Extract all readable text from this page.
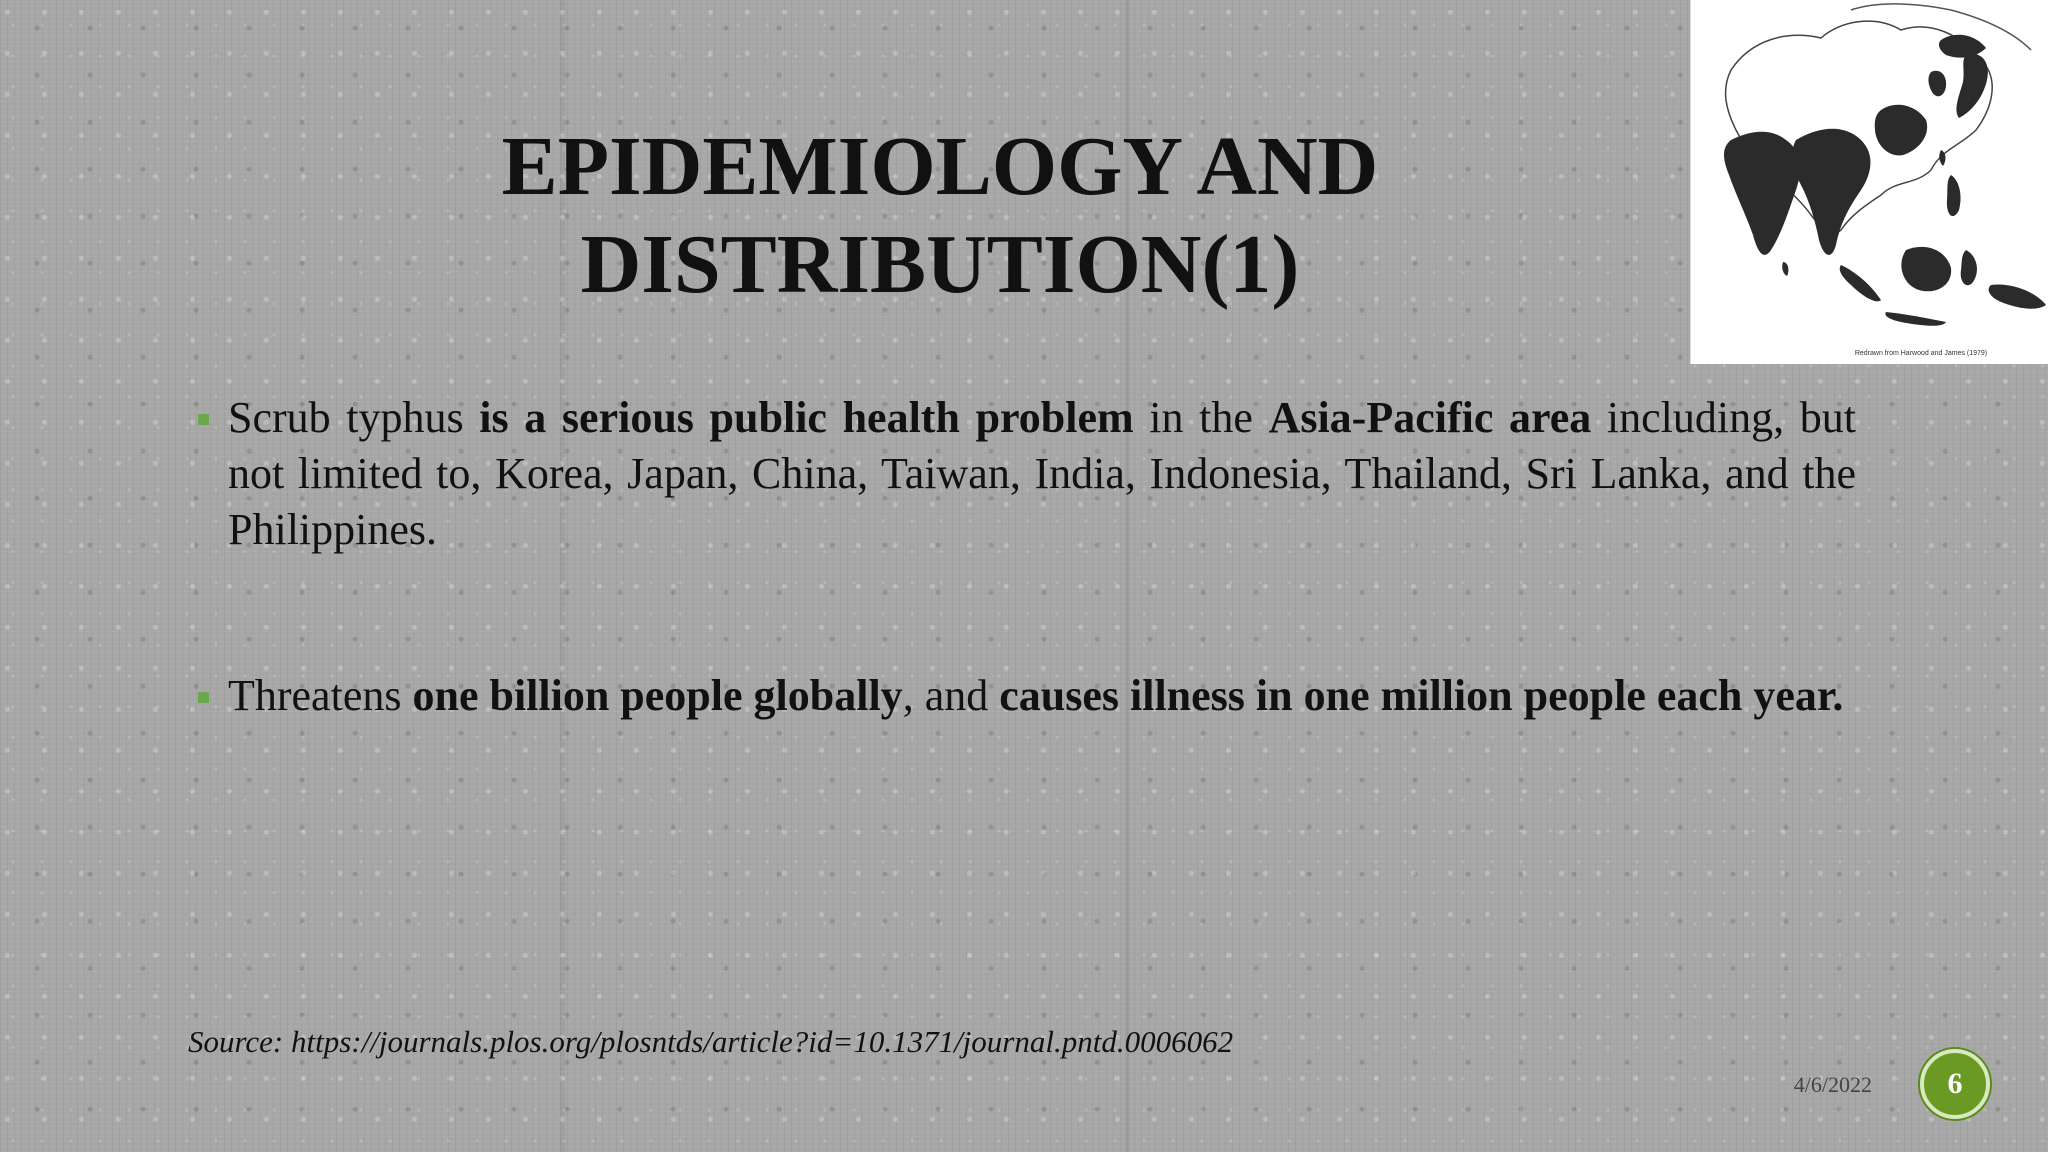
EPIDEMIOLOGY AND
DISTRIBUTION(1)
Redrawn from Harwood and James (1979)
Scrub typhus is a serious public health problem in the Asia-Pacific area including, but not limited to, Korea, Japan, China, Taiwan, India, Indonesia, Thailand, Sri Lanka, and the Philippines.
Threatens one billion people globally, and causes illness in one million people each year.
Source: https://journals.plos.org/plosntds/article?id=10.1371/journal.pntd.0006062
4/6/2022	6
